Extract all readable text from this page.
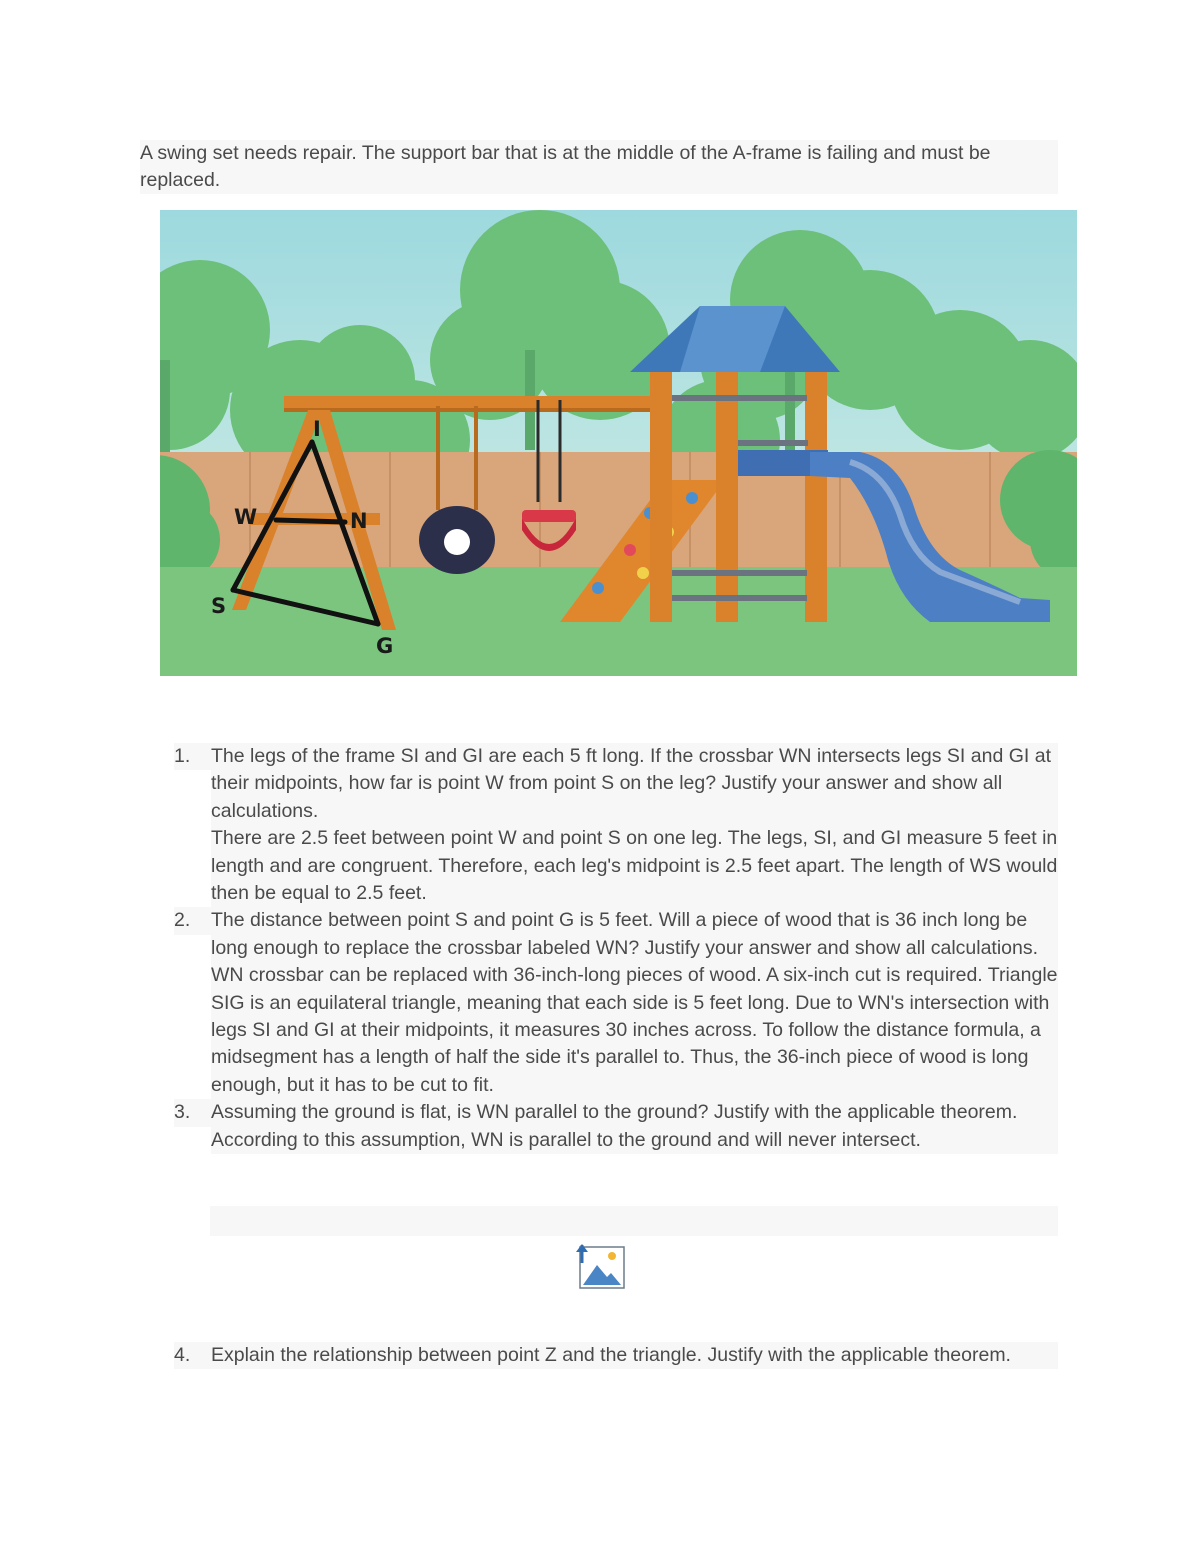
A swing set needs repair. The support bar that is at the middle of the A-frame is failing and must be replaced.
I
W	N
S
G
1.	The legs of the frame SI and GI are each 5 ft long. If the crossbar WN intersects legs SI and GI at their midpoints, how far is point W from point S on the leg? Justify your answer and show all calculations.
There are 2.5 feet between point W and point S on one leg. The legs, SI, and GI measure 5 feet in length and are congruent. Therefore, each leg's midpoint is 2.5 feet apart. The length of WS would then be equal to 2.5 feet.
2.	The distance between point S and point G is 5 feet. Will a piece of wood that is 36 inch long be long enough to replace the crossbar labeled WN? Justify your answer and show all calculations.
WN crossbar can be replaced with 36-inch-long pieces of wood. A six-inch cut is required. Triangle SIG is an equilateral triangle, meaning that each side is 5 feet long. Due to WN's intersection with legs SI and GI at their midpoints, it measures 30 inches across. To follow the distance formula, a midsegment has a length of half the side it's parallel to. Thus, the 36-inch piece of wood is long enough, but it has to be cut to fit.
3.	Assuming the ground is flat, is WN parallel to the ground? Justify with the applicable theorem.
According to this assumption, WN is parallel to the ground and will never intersect.
4.	Explain the relationship between point Z and the triangle. Justify with the applicable theorem.
